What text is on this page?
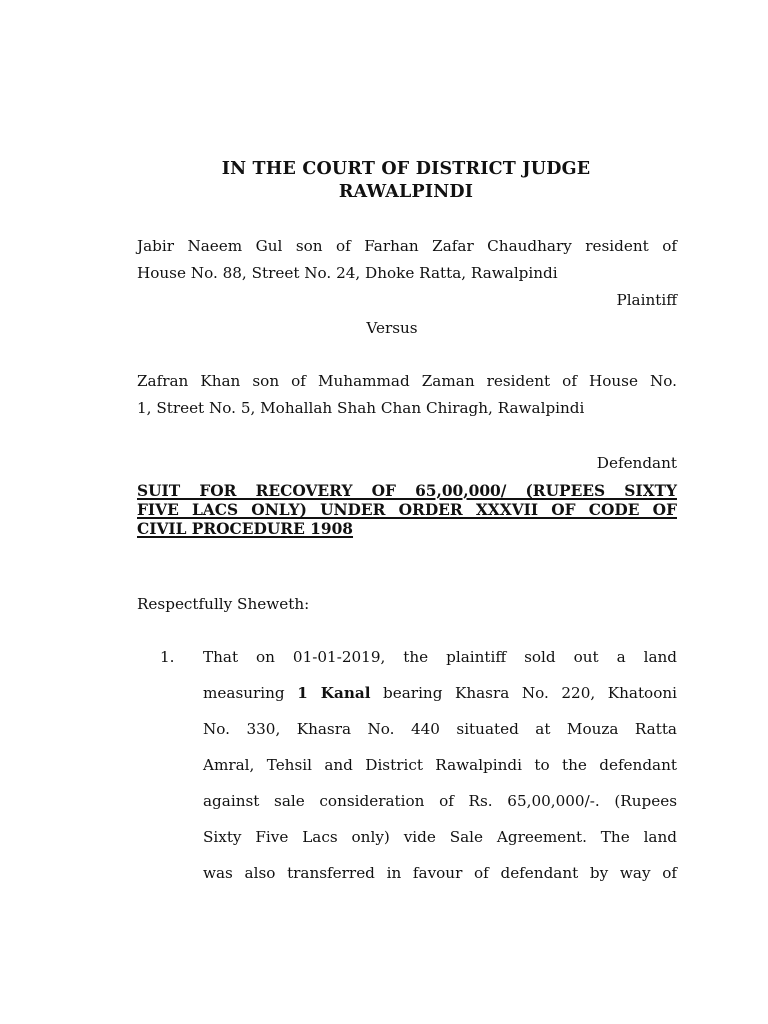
IN THE COURT OF DISTRICT JUDGE
RAWALPINDI

Jabir Naeem Gul son of Farhan Zafar Chaudhary resident of

House No. 88, Street No. 24, Dhoke Ratta, Rawalpindi

Plaintiff

Versus

Zafran Khan son of Muhammad Zaman resident of House No.

1, Street No. 5, Mohallah Shah Chan Chiragh, Rawalpindi

Defendant

SUIT FOR RECOVERY OF 65,00,000/ (RUPEES SIXTY

FIVE LACS ONLY) UNDER ORDER XXXVII OF CODE OF

CIVIL PROCEDURE 1908

Respectfully Sheweth:

1. That on 01-01-2019, the plaintiff sold out a land

measuring 1 Kanal bearing Khasra No. 220, Khatooni

No. 330, Khasra No. 440 situated at Mouza Ratta

Amral, Tehsil and District Rawalpindi to the defendant

against sale consideration of Rs. 65,00,000/-. (Rupees

Sixty Five Lacs only) vide Sale Agreement. The land

was also transferred in favour of defendant by way of
